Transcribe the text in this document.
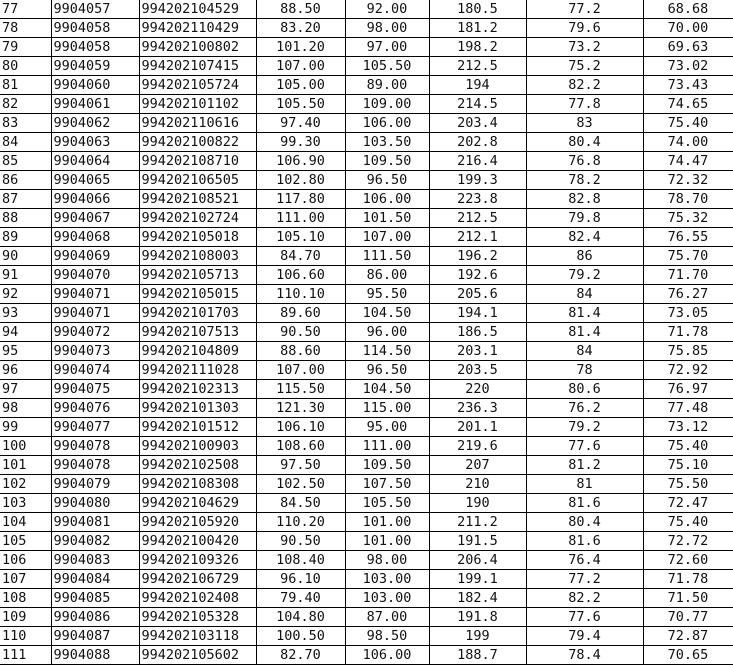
77	9904057	994202104529	88.50	92.00	180.5	77.2	68.68
78	9904058	994202110429	83.20	98.00	181.2	79.6	70.00
79	9904058	994202100802	101.20	97.00	198.2	73.2	69.63
80	9904059	994202107415	107.00	105.50	212.5	75.2	73.02
81	9904060	994202105724	105.00	89.00	194	82.2	73.43
82	9904061	994202101102	105.50	109.00	214.5	77.8	74.65
83	9904062	994202110616	97.40	106.00	203.4	83	75.40
84	9904063	994202100822	99.30	103.50	202.8	80.4	74.00
85	9904064	994202108710	106.90	109.50	216.4	76.8	74.47
86	9904065	994202106505	102.80	96.50	199.3	78.2	72.32
87	9904066	994202108521	117.80	106.00	223.8	82.8	78.70
88	9904067	994202102724	111.00	101.50	212.5	79.8	75.32
89	9904068	994202105018	105.10	107.00	212.1	82.4	76.55
90	9904069	994202108003	84.70	111.50	196.2	86	75.70
91	9904070	994202105713	106.60	86.00	192.6	79.2	71.70
92	9904071	994202105015	110.10	95.50	205.6	84	76.27
93	9904071	994202101703	89.60	104.50	194.1	81.4	73.05
94	9904072	994202107513	90.50	96.00	186.5	81.4	71.78
95	9904073	994202104809	88.60	114.50	203.1	84	75.85
96	9904074	994202111028	107.00	96.50	203.5	78	72.92
97	9904075	994202102313	115.50	104.50	220	80.6	76.97
98	9904076	994202101303	121.30	115.00	236.3	76.2	77.48
99	9904077	994202101512	106.10	95.00	201.1	79.2	73.12
100	9904078	994202100903	108.60	111.00	219.6	77.6	75.40
101	9904078	994202102508	97.50	109.50	207	81.2	75.10
102	9904079	994202108308	102.50	107.50	210	81	75.50
103	9904080	994202104629	84.50	105.50	190	81.6	72.47
104	9904081	994202105920	110.20	101.00	211.2	80.4	75.40
105	9904082	994202100420	90.50	101.00	191.5	81.6	72.72
106	9904083	994202109326	108.40	98.00	206.4	76.4	72.60
107	9904084	994202106729	96.10	103.00	199.1	77.2	71.78
108	9904085	994202102408	79.40	103.00	182.4	82.2	71.50
109	9904086	994202105328	104.80	87.00	191.8	77.6	70.77
110	9904087	994202103118	100.50	98.50	199	79.4	72.87
111	9904088	994202105602	82.70	106.00	188.7	78.4	70.65
